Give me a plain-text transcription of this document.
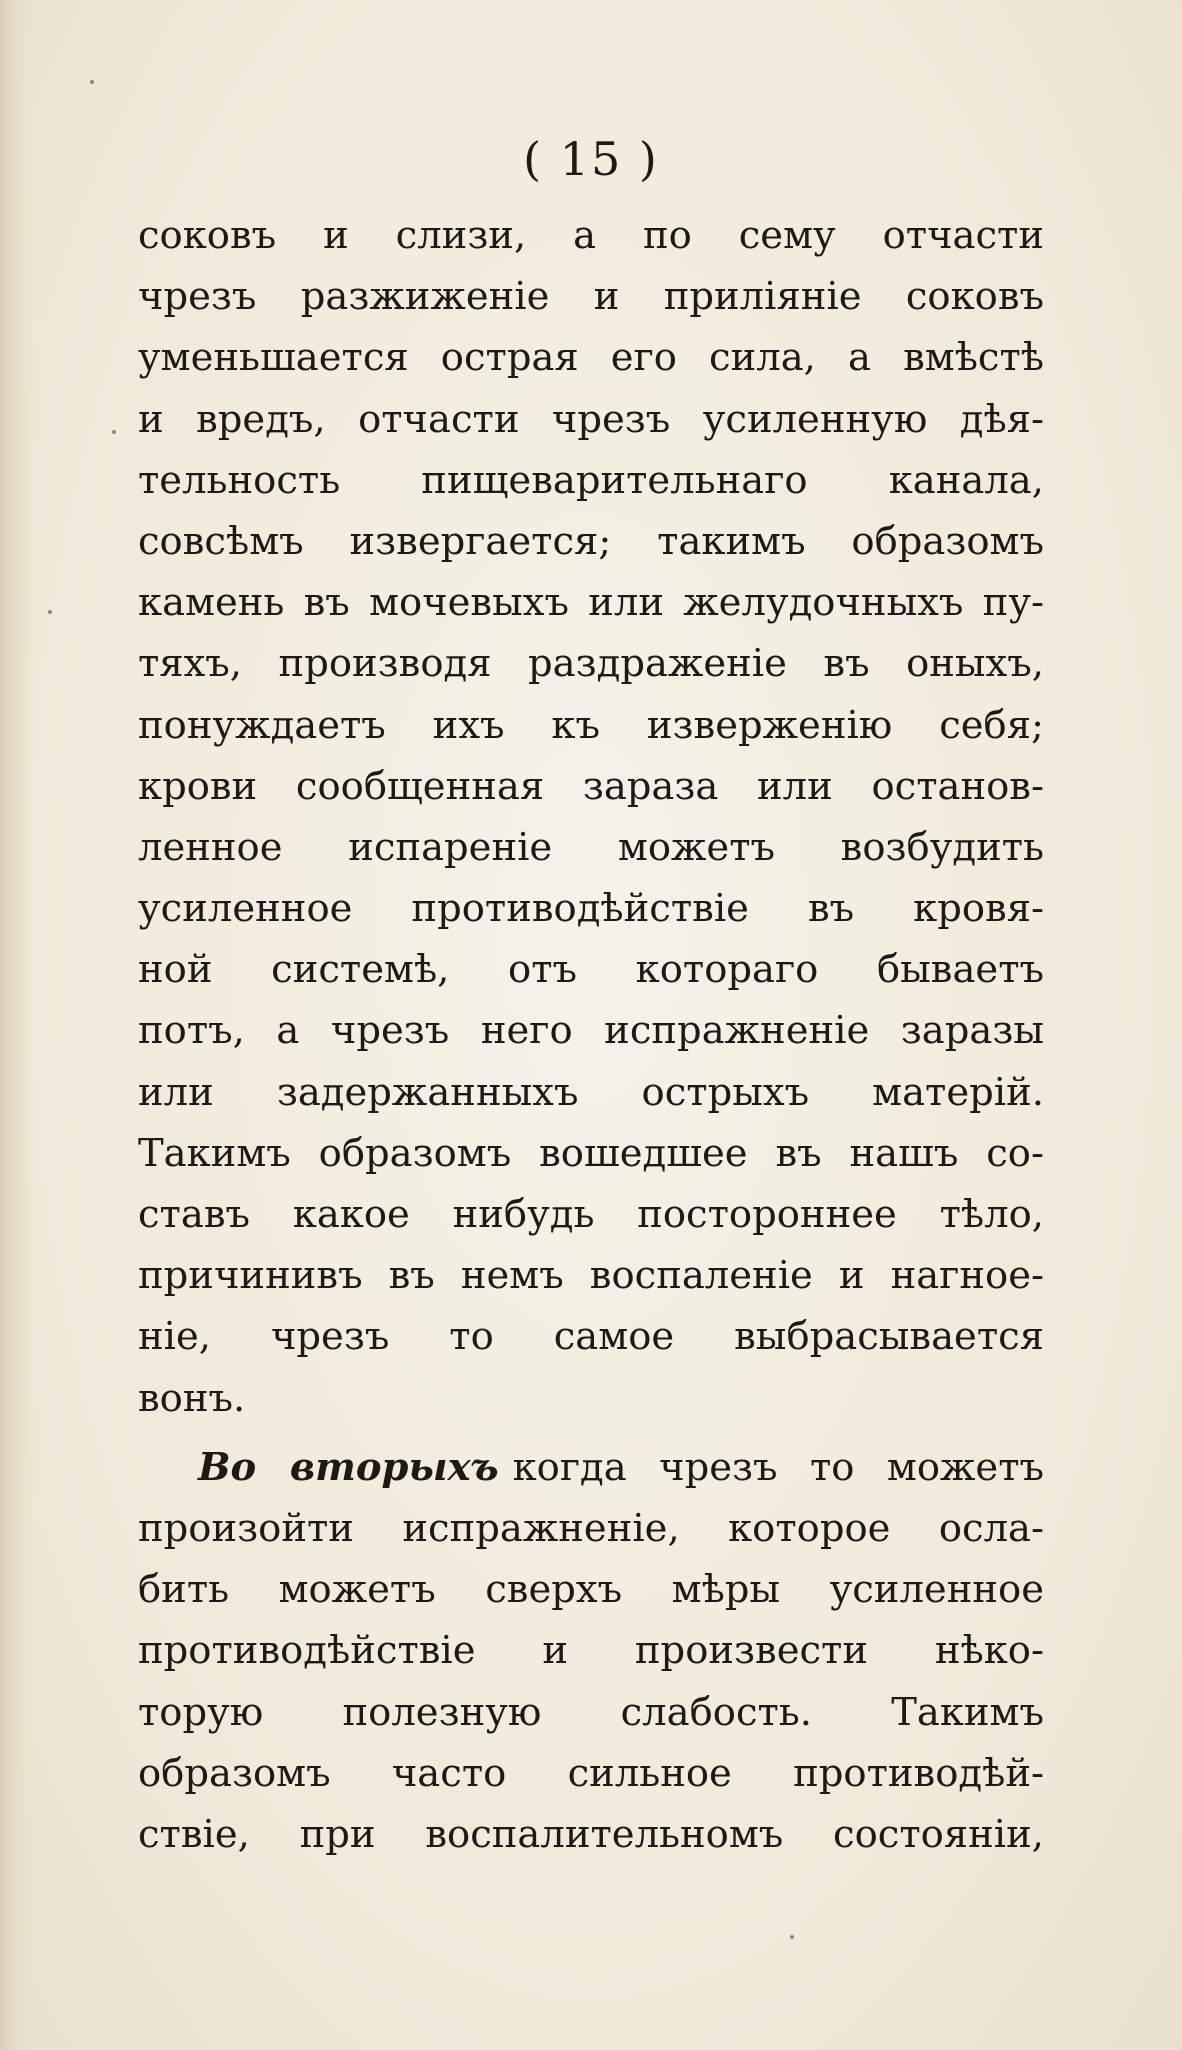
( 15 )
соковъ и слизи, а по сему отчасти
чрезъ разжиженіе и приліяніе соковъ
уменьшается острая его сила, а вмѣстѣ
и вредъ, отчасти чрезъ усиленную дѣя-
тельность пищеварительнаго канала,
совсѣмъ извергается; такимъ образомъ
камень въ мочевыхъ или желудочныхъ пу-
тяхъ, производя раздраженіе въ оныхъ,
понуждаетъ ихъ къ изверженію себя;
крови сообщенная зараза или останов-
ленное испареніе можетъ возбудить
усиленное противодѣйствіе въ кровя-
ной системѣ, отъ котораго бываетъ
потъ, а чрезъ него испражненіе заразы
или задержанныхъ острыхъ матерій.
Такимъ образомъ вошедшее въ нашъ со-
ставъ какое нибудь постороннее тѣло,
причинивъ въ немъ воспаленіе и нагное-
ніе, чрезъ то самое выбрасывается
вонъ.
Во вторыхъ когда чрезъ то можетъ
произойти испражненіе, которое осла-
бить можетъ сверхъ мѣры усиленное
противодѣйствіе и произвести нѣко-
торую полезную слабость. Такимъ
образомъ часто сильное противодѣй-
ствіе, при воспалительномъ состояніи,
